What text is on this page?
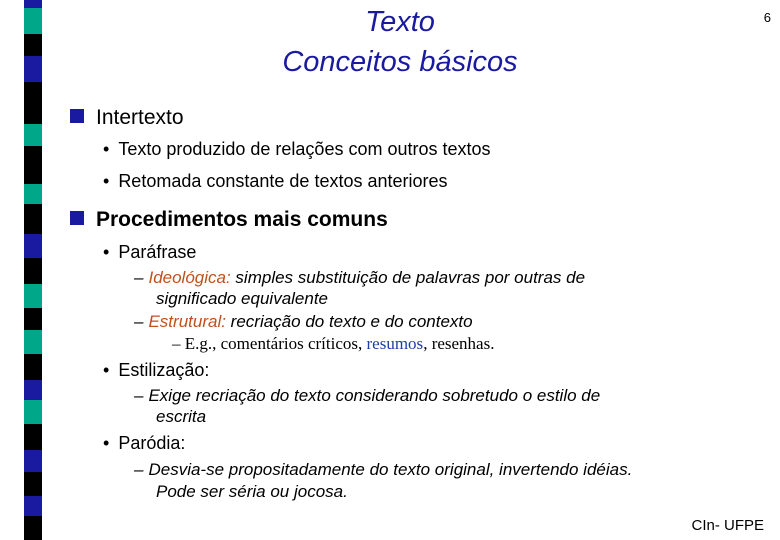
Texto
Conceitos básicos
6
Intertexto
• Texto produzido de relações com outros textos
• Retomada constante de textos anteriores
Procedimentos mais comuns
• Paráfrase
– Ideológica: simples substituição de palavras por outras de
significado equivalente
– Estrutural: recriação do texto e do contexto
– E.g., comentários críticos, resumos, resenhas.
• Estilização:
– Exige recriação do texto considerando sobretudo o estilo de
escrita
• Paródia:
– Desvia-se propositadamente do texto original, invertendo idéias.
Pode ser séria ou jocosa.
CIn- UFPE
